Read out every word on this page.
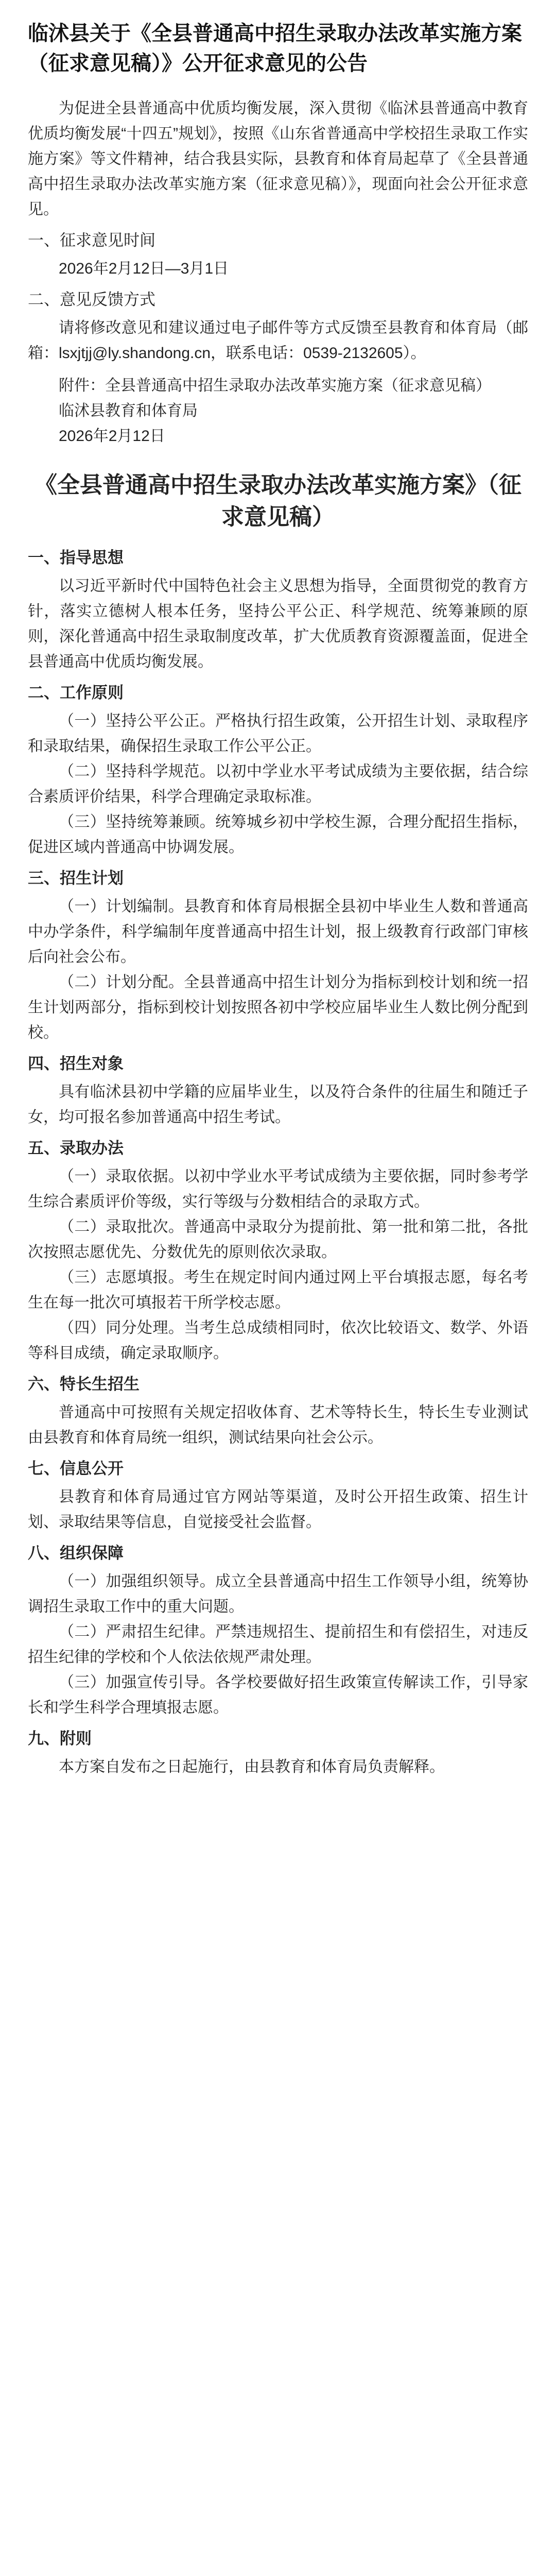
临沭县关于《全县普通高中招生录取办法改革实施方案（征求意见稿）》公开征求意见的公告

为促进全县普通高中优质均衡发展，深入贯彻《临沭县普通高中教育优质均衡发展“十四五”规划》，按照《山东省普通高中学校招生录取工作实施方案》等文件精神，结合我县实际，县教育和体育局起草了《全县普通高中招生录取办法改革实施方案（征求意见稿）》，现面向社会公开征求意见。

一、征求意见时间

2026年2月12日—3月1日

二、意见反馈方式

请将修改意见和建议通过电子邮件等方式反馈至县教育和体育局（邮箱：lsxjtjj@ly.shandong.cn，联系电话：0539-2132605）。

附件：全县普通高中招生录取办法改革实施方案（征求意见稿）

临沭县教育和体育局

2026年2月12日

《全县普通高中招生录取办法改革实施方案》（征求意见稿）
一、指导思想

以习近平新时代中国特色社会主义思想为指导，全面贯彻党的教育方针，落实立德树人根本任务，坚持公平公正、科学规范、统筹兼顾的原则，深化普通高中招生录取制度改革，扩大优质教育资源覆盖面，促进全县普通高中优质均衡发展。

二、工作原则

（一）坚持公平公正。严格执行招生政策，公开招生计划、录取程序和录取结果，确保招生录取工作公平公正。

（二）坚持科学规范。以初中学业水平考试成绩为主要依据，结合综合素质评价结果，科学合理确定录取标准。

（三）坚持统筹兼顾。统筹城乡初中学校生源，合理分配招生指标，促进区域内普通高中协调发展。

三、招生计划

（一）计划编制。县教育和体育局根据全县初中毕业生人数和普通高中办学条件，科学编制年度普通高中招生计划，报上级教育行政部门审核后向社会公布。

（二）计划分配。全县普通高中招生计划分为指标到校计划和统一招生计划两部分，指标到校计划按照各初中学校应届毕业生人数比例分配到校。

四、招生对象

具有临沭县初中学籍的应届毕业生，以及符合条件的往届生和随迁子女，均可报名参加普通高中招生考试。

五、录取办法

（一）录取依据。以初中学业水平考试成绩为主要依据，同时参考学生综合素质评价等级，实行等级与分数相结合的录取方式。

（二）录取批次。普通高中录取分为提前批、第一批和第二批，各批次按照志愿优先、分数优先的原则依次录取。

（三）志愿填报。考生在规定时间内通过网上平台填报志愿，每名考生在每一批次可填报若干所学校志愿。

（四）同分处理。当考生总成绩相同时，依次比较语文、数学、外语等科目成绩，确定录取顺序。

六、特长生招生

普通高中可按照有关规定招收体育、艺术等特长生，特长生专业测试由县教育和体育局统一组织，测试结果向社会公示。

七、信息公开

县教育和体育局通过官方网站等渠道，及时公开招生政策、招生计划、录取结果等信息，自觉接受社会监督。

八、组织保障

（一）加强组织领导。成立全县普通高中招生工作领导小组，统筹协调招生录取工作中的重大问题。

（二）严肃招生纪律。严禁违规招生、提前招生和有偿招生，对违反招生纪律的学校和个人依法依规严肃处理。

（三）加强宣传引导。各学校要做好招生政策宣传解读工作，引导家长和学生科学合理填报志愿。

九、附则

本方案自发布之日起施行，由县教育和体育局负责解释。
